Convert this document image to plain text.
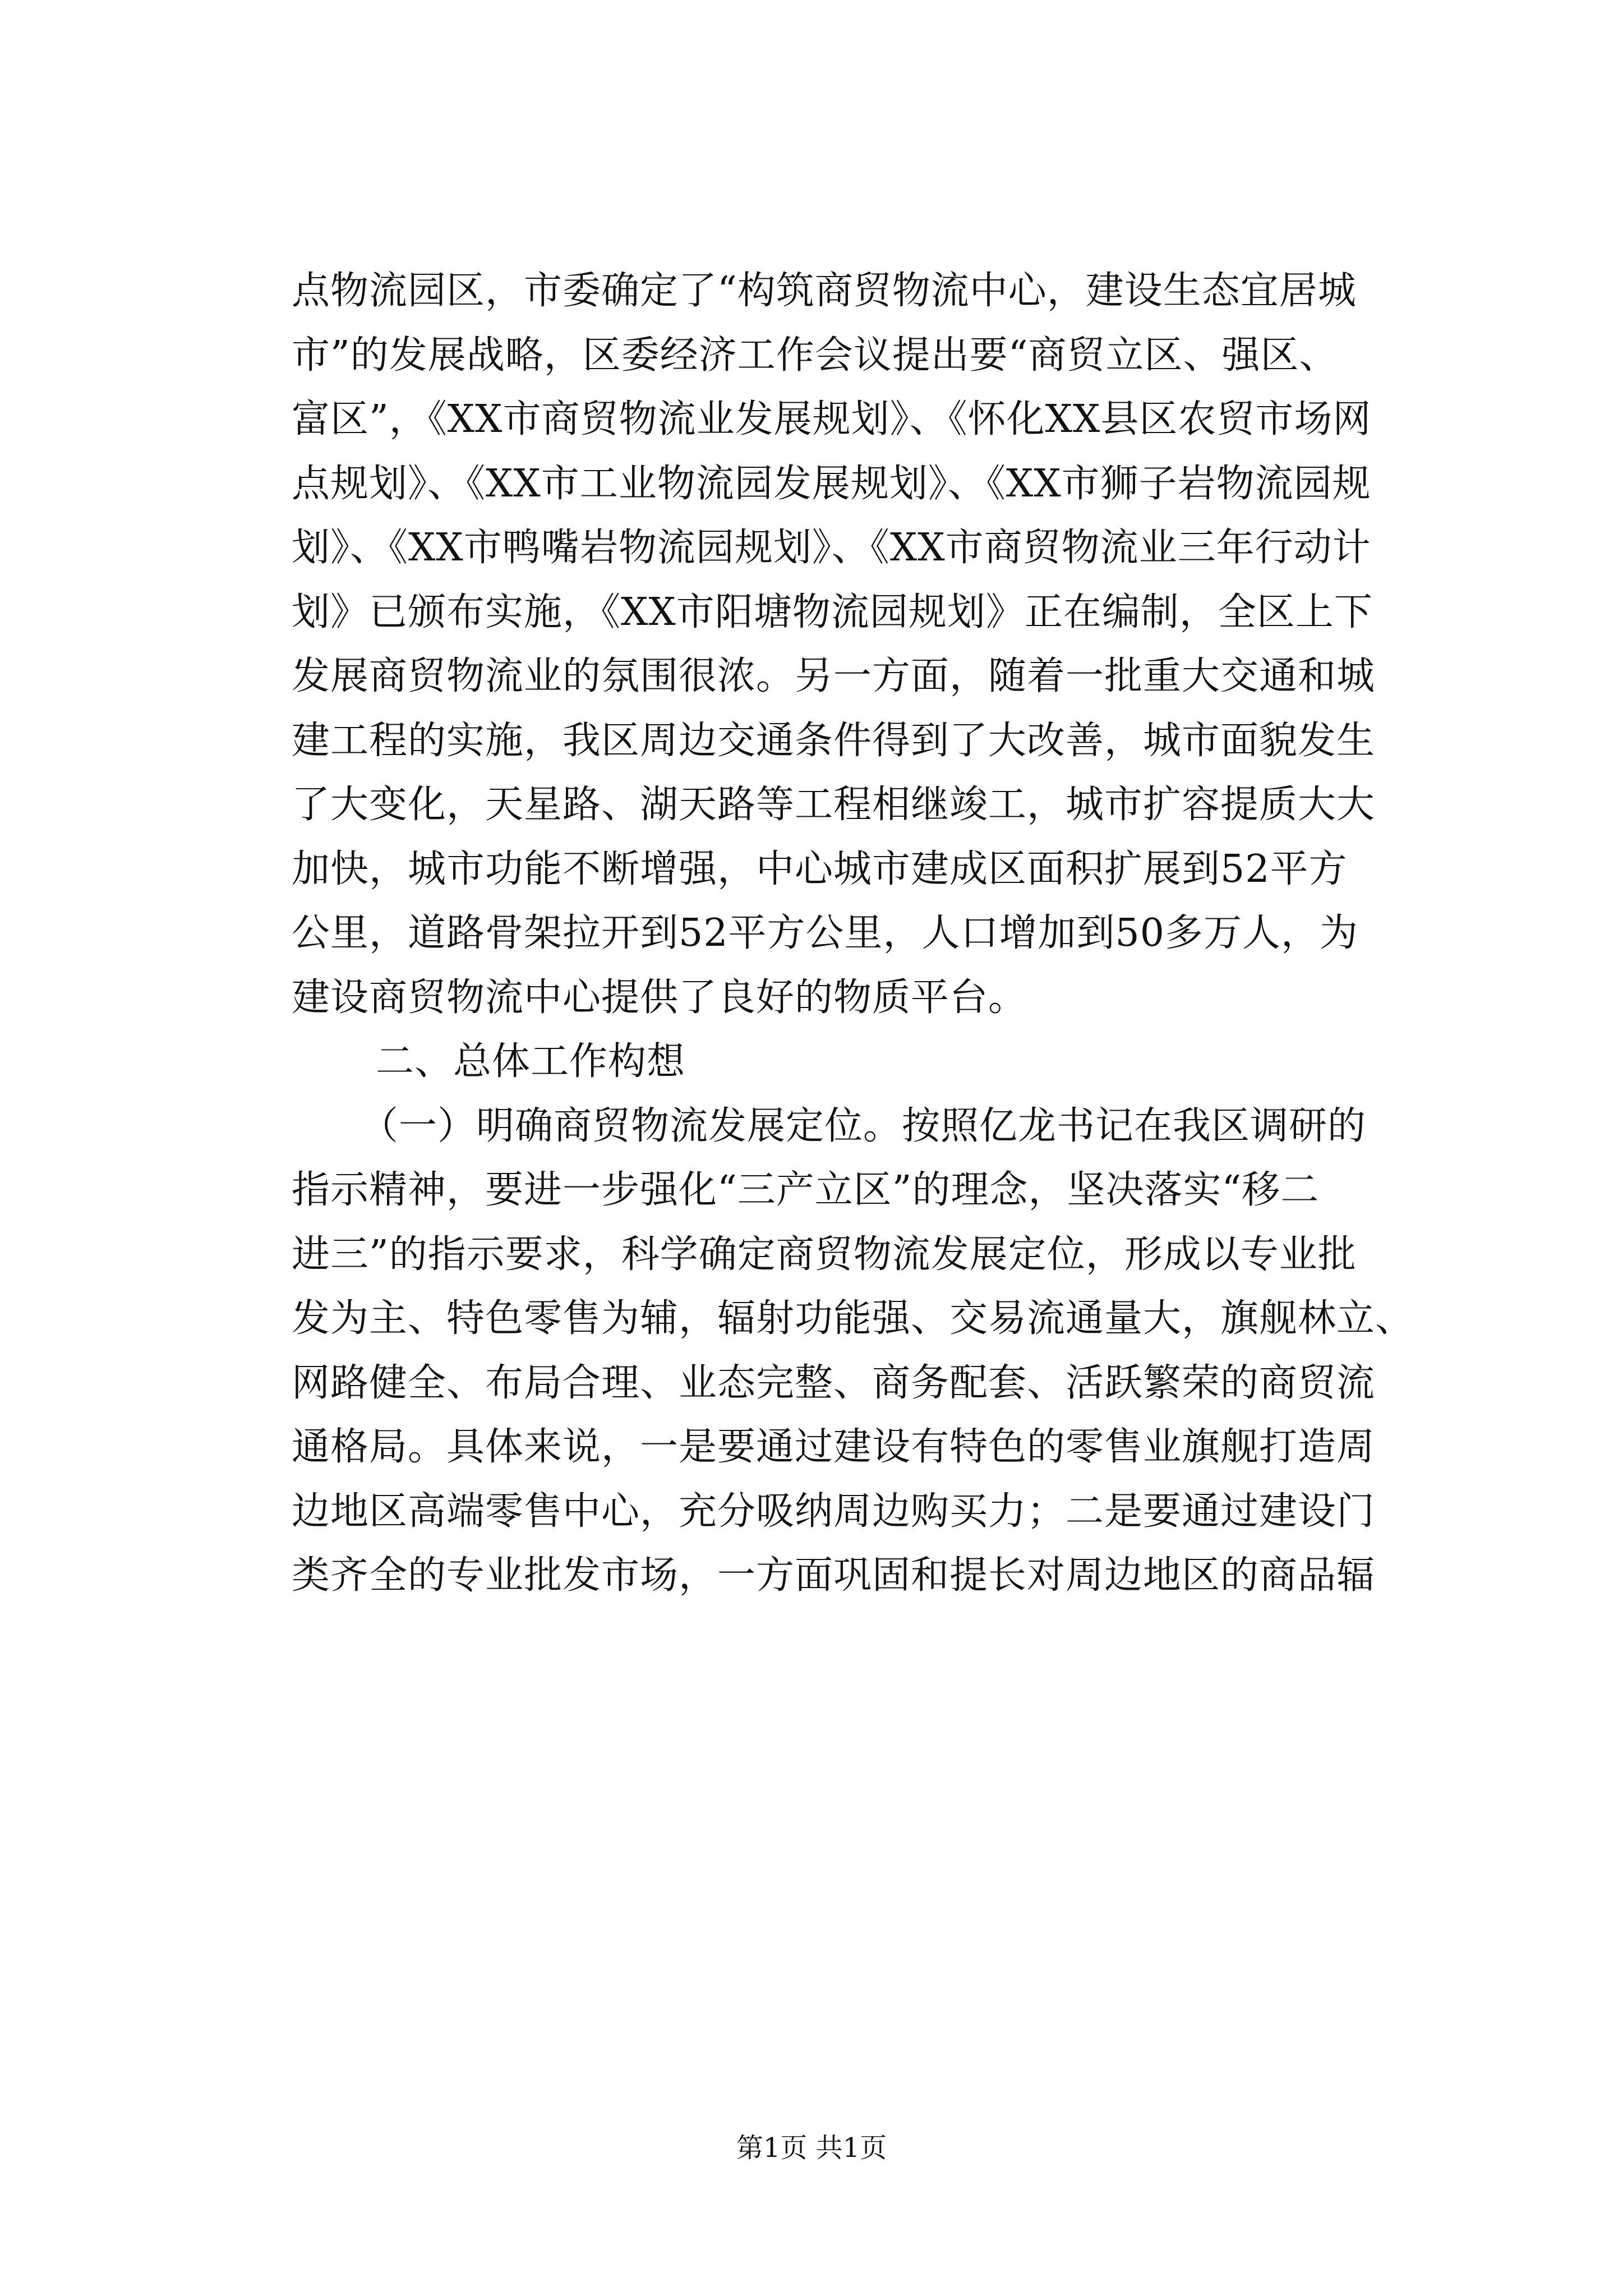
点物流园区，市委确定了“构筑商贸物流中心，建设生态宜居城
市”的发展战略，区委经济工作会议提出要“商贸立区、强区、
富区”，《XX市商贸物流业发展规划》、《怀化XX县区农贸市场网
点规划》、《XX市工业物流园发展规划》、《XX市狮子岩物流园规
划》、《XX市鸭嘴岩物流园规划》、《XX市商贸物流业三年行动计
划》已颁布实施，《XX市阳塘物流园规划》正在编制，全区上下
发展商贸物流业的氛围很浓。另一方面，随着一批重大交通和城
建工程的实施，我区周边交通条件得到了大改善，城市面貌发生
了大变化，天星路、湖天路等工程相继竣工，城市扩容提质大大
加快，城市功能不断增强，中心城市建成区面积扩展到52平方
公里，道路骨架拉开到52平方公里，人口增加到50多万人，为
建设商贸物流中心提供了良好的物质平台。
二、总体工作构想
（一）明确商贸物流发展定位。按照亿龙书记在我区调研的
指示精神，要进一步强化“三产立区”的理念，坚决落实“移二
进三”的指示要求，科学确定商贸物流发展定位，形成以专业批
发为主、特色零售为辅，辐射功能强、交易流通量大，旗舰林立、
网路健全、布局合理、业态完整、商务配套、活跃繁荣的商贸流
通格局。具体来说，一是要通过建设有特色的零售业旗舰打造周
边地区高端零售中心，充分吸纳周边购买力；二是要通过建设门
类齐全的专业批发市场，一方面巩固和提长对周边地区的商品辐
第1页 共1页
